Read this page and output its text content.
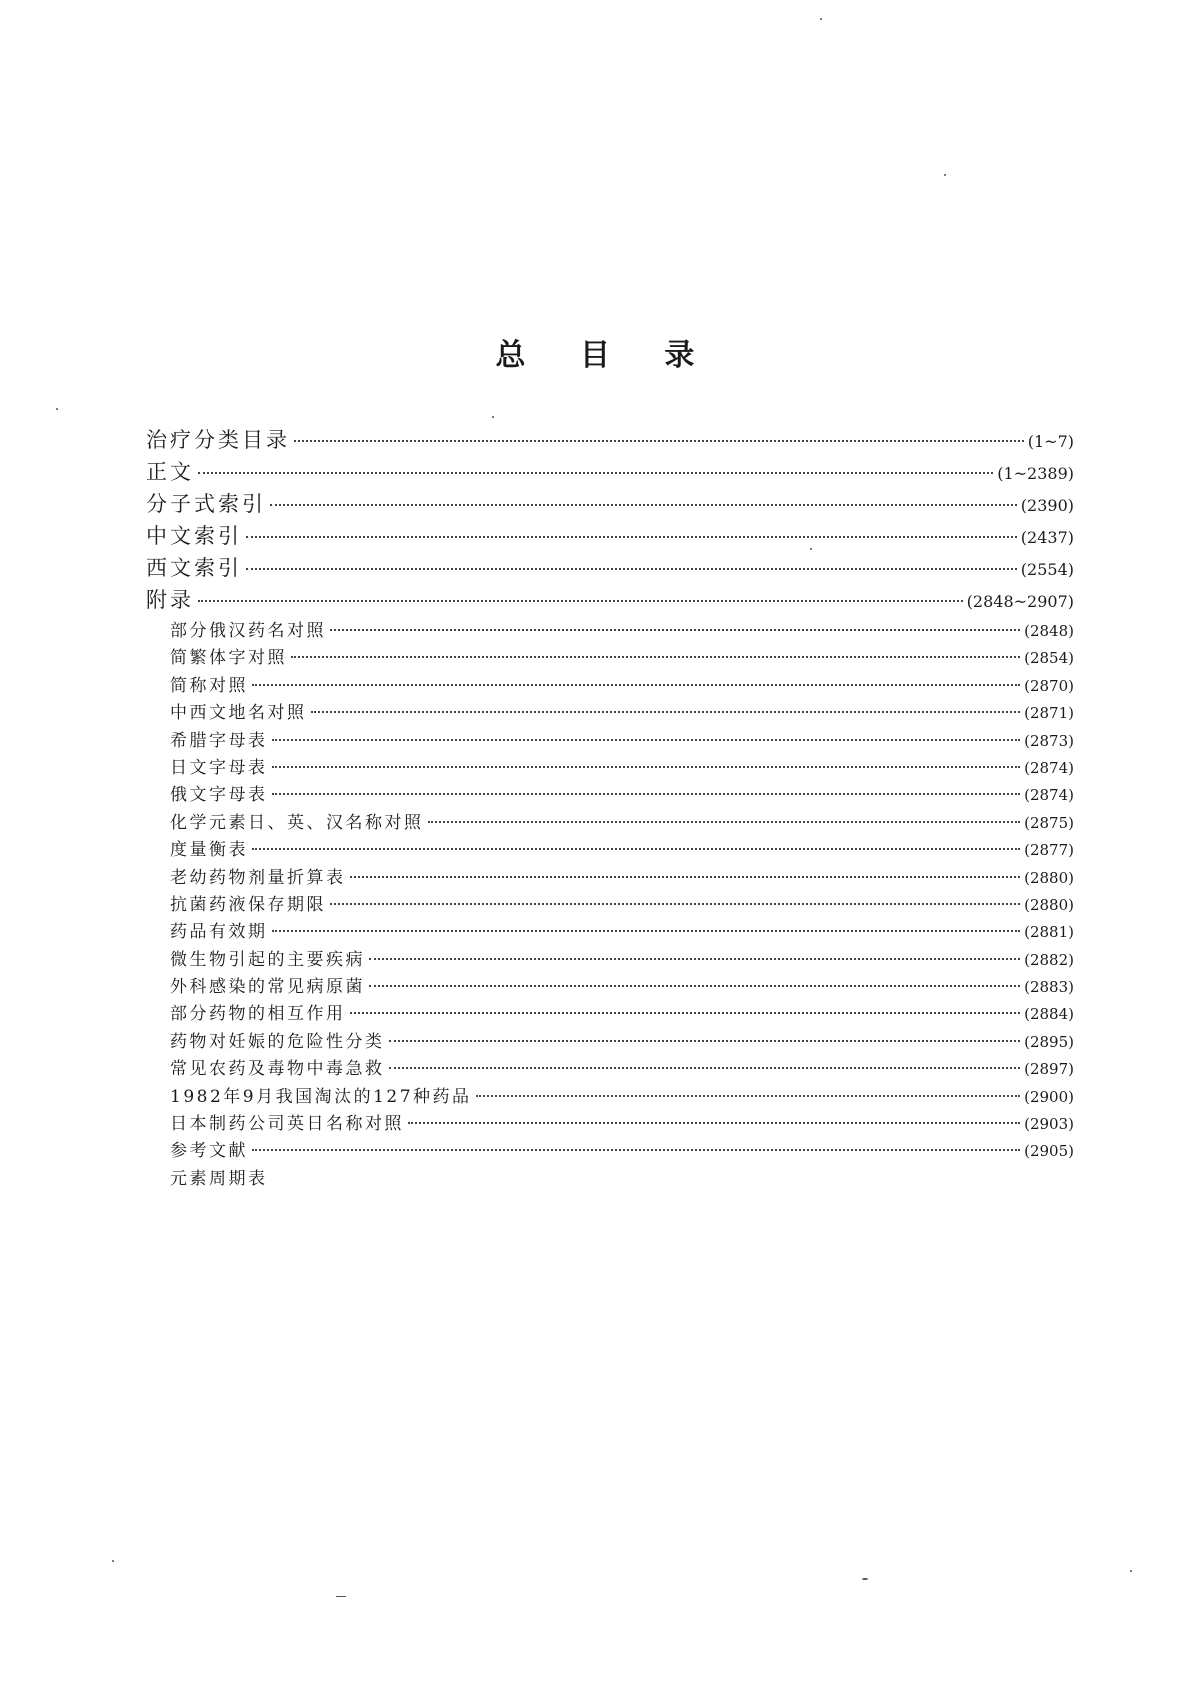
总 目 录
治疗分类目录	(1~7)
正文	(1~2389)
分子式索引	(2390)
中文索引	(2437)
西文索引	(2554)
附录	(2848~2907)
部分俄汉药名对照	(2848)
简繁体字对照	(2854)
简称对照	(2870)
中西文地名对照	(2871)
希腊字母表	(2873)
日文字母表	(2874)
俄文字母表	(2874)
化学元素日、英、汉名称对照	(2875)
度量衡表	(2877)
老幼药物剂量折算表	(2880)
抗菌药液保存期限	(2880)
药品有效期	(2881)
微生物引起的主要疾病	(2882)
外科感染的常见病原菌	(2883)
部分药物的相互作用	(2884)
药物对妊娠的危险性分类	(2895)
常见农药及毒物中毒急救	(2897)
1982年9月我国淘汰的127种药品	(2900)
日本制药公司英日名称对照	(2903)
参考文献	(2905)
元素周期表
